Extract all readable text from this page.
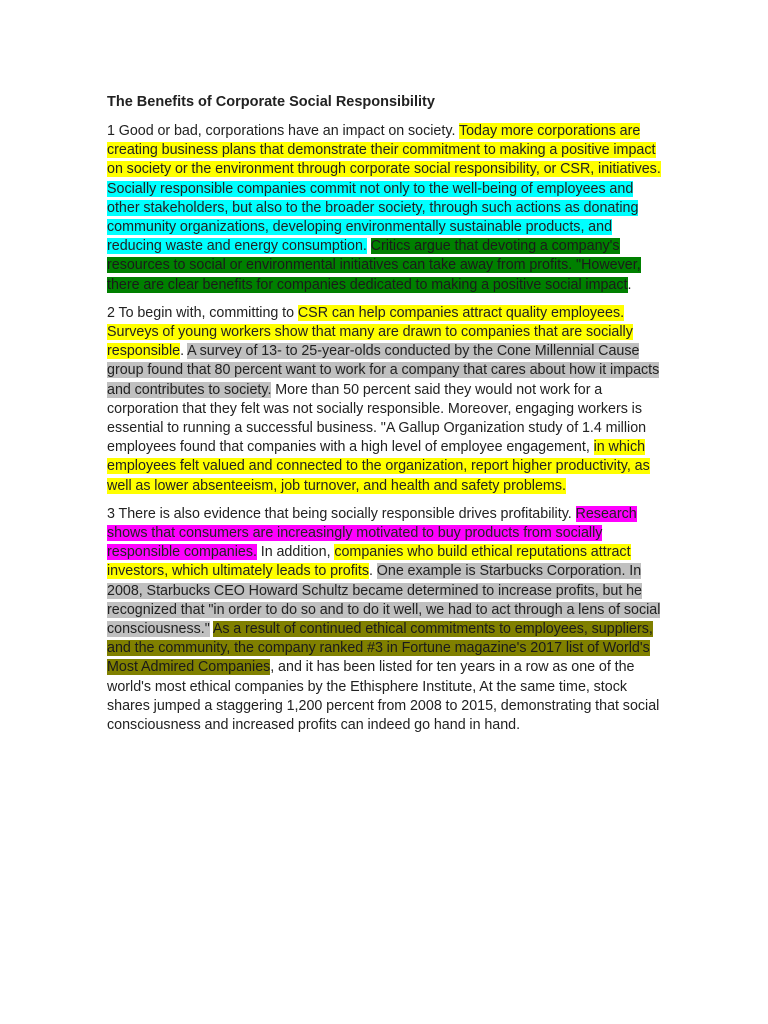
The Benefits of Corporate Social Responsibility

1 Good or bad, corporations have an impact on society. Today more corporations are creating business plans that demonstrate their commitment to making a positive impact on society or the environment through corporate social responsibility, or CSR, initiatives. Socially responsible companies commit not only to the well-being of employees and other stakeholders, but also to the broader society, through such actions as donating community organizations, developing environmentally sustainable products, and reducing waste and energy consumption. Critics argue that devoting a company's resources to social or environmental initiatives can take away from profits. "However, there are clear benefits for companies dedicated to making a positive social impact.

2 To begin with, committing to CSR can help companies attract quality employees. Surveys of young workers show that many are drawn to companies that are socially responsible. A survey of 13- to 25-year-olds conducted by the Cone Millennial Cause group found that 80 percent want to work for a company that cares about how it impacts and contributes to society. More than 50 percent said they would not work for a corporation that they felt was not socially responsible. Moreover, engaging workers is essential to running a successful business. "A Gallup Organization study of 1.4 million employees found that companies with a high level of employee engagement, in which employees felt valued and connected to the organization, report higher productivity, as well as lower absenteeism, job turnover, and health and safety problems.

3 There is also evidence that being socially responsible drives profitability. Research shows that consumers are increasingly motivated to buy products from socially responsible companies. In addition, companies who build ethical reputations attract investors, which ultimately leads to profits. One example is Starbucks Corporation. In 2008, Starbucks CEO Howard Schultz became determined to increase profits, but he recognized that "in order to do so and to do it well, we had to act through a lens of social consciousness." As a result of continued ethical commitments to employees, suppliers, and the community, the company ranked #3 in Fortune magazine's 2017 list of World's Most Admired Companies, and it has been listed for ten years in a row as one of the world's most ethical companies by the Ethisphere Institute, At the same time, stock shares jumped a staggering 1,200 percent from 2008 to 2015, demonstrating that social consciousness and increased profits can indeed go hand in hand.
